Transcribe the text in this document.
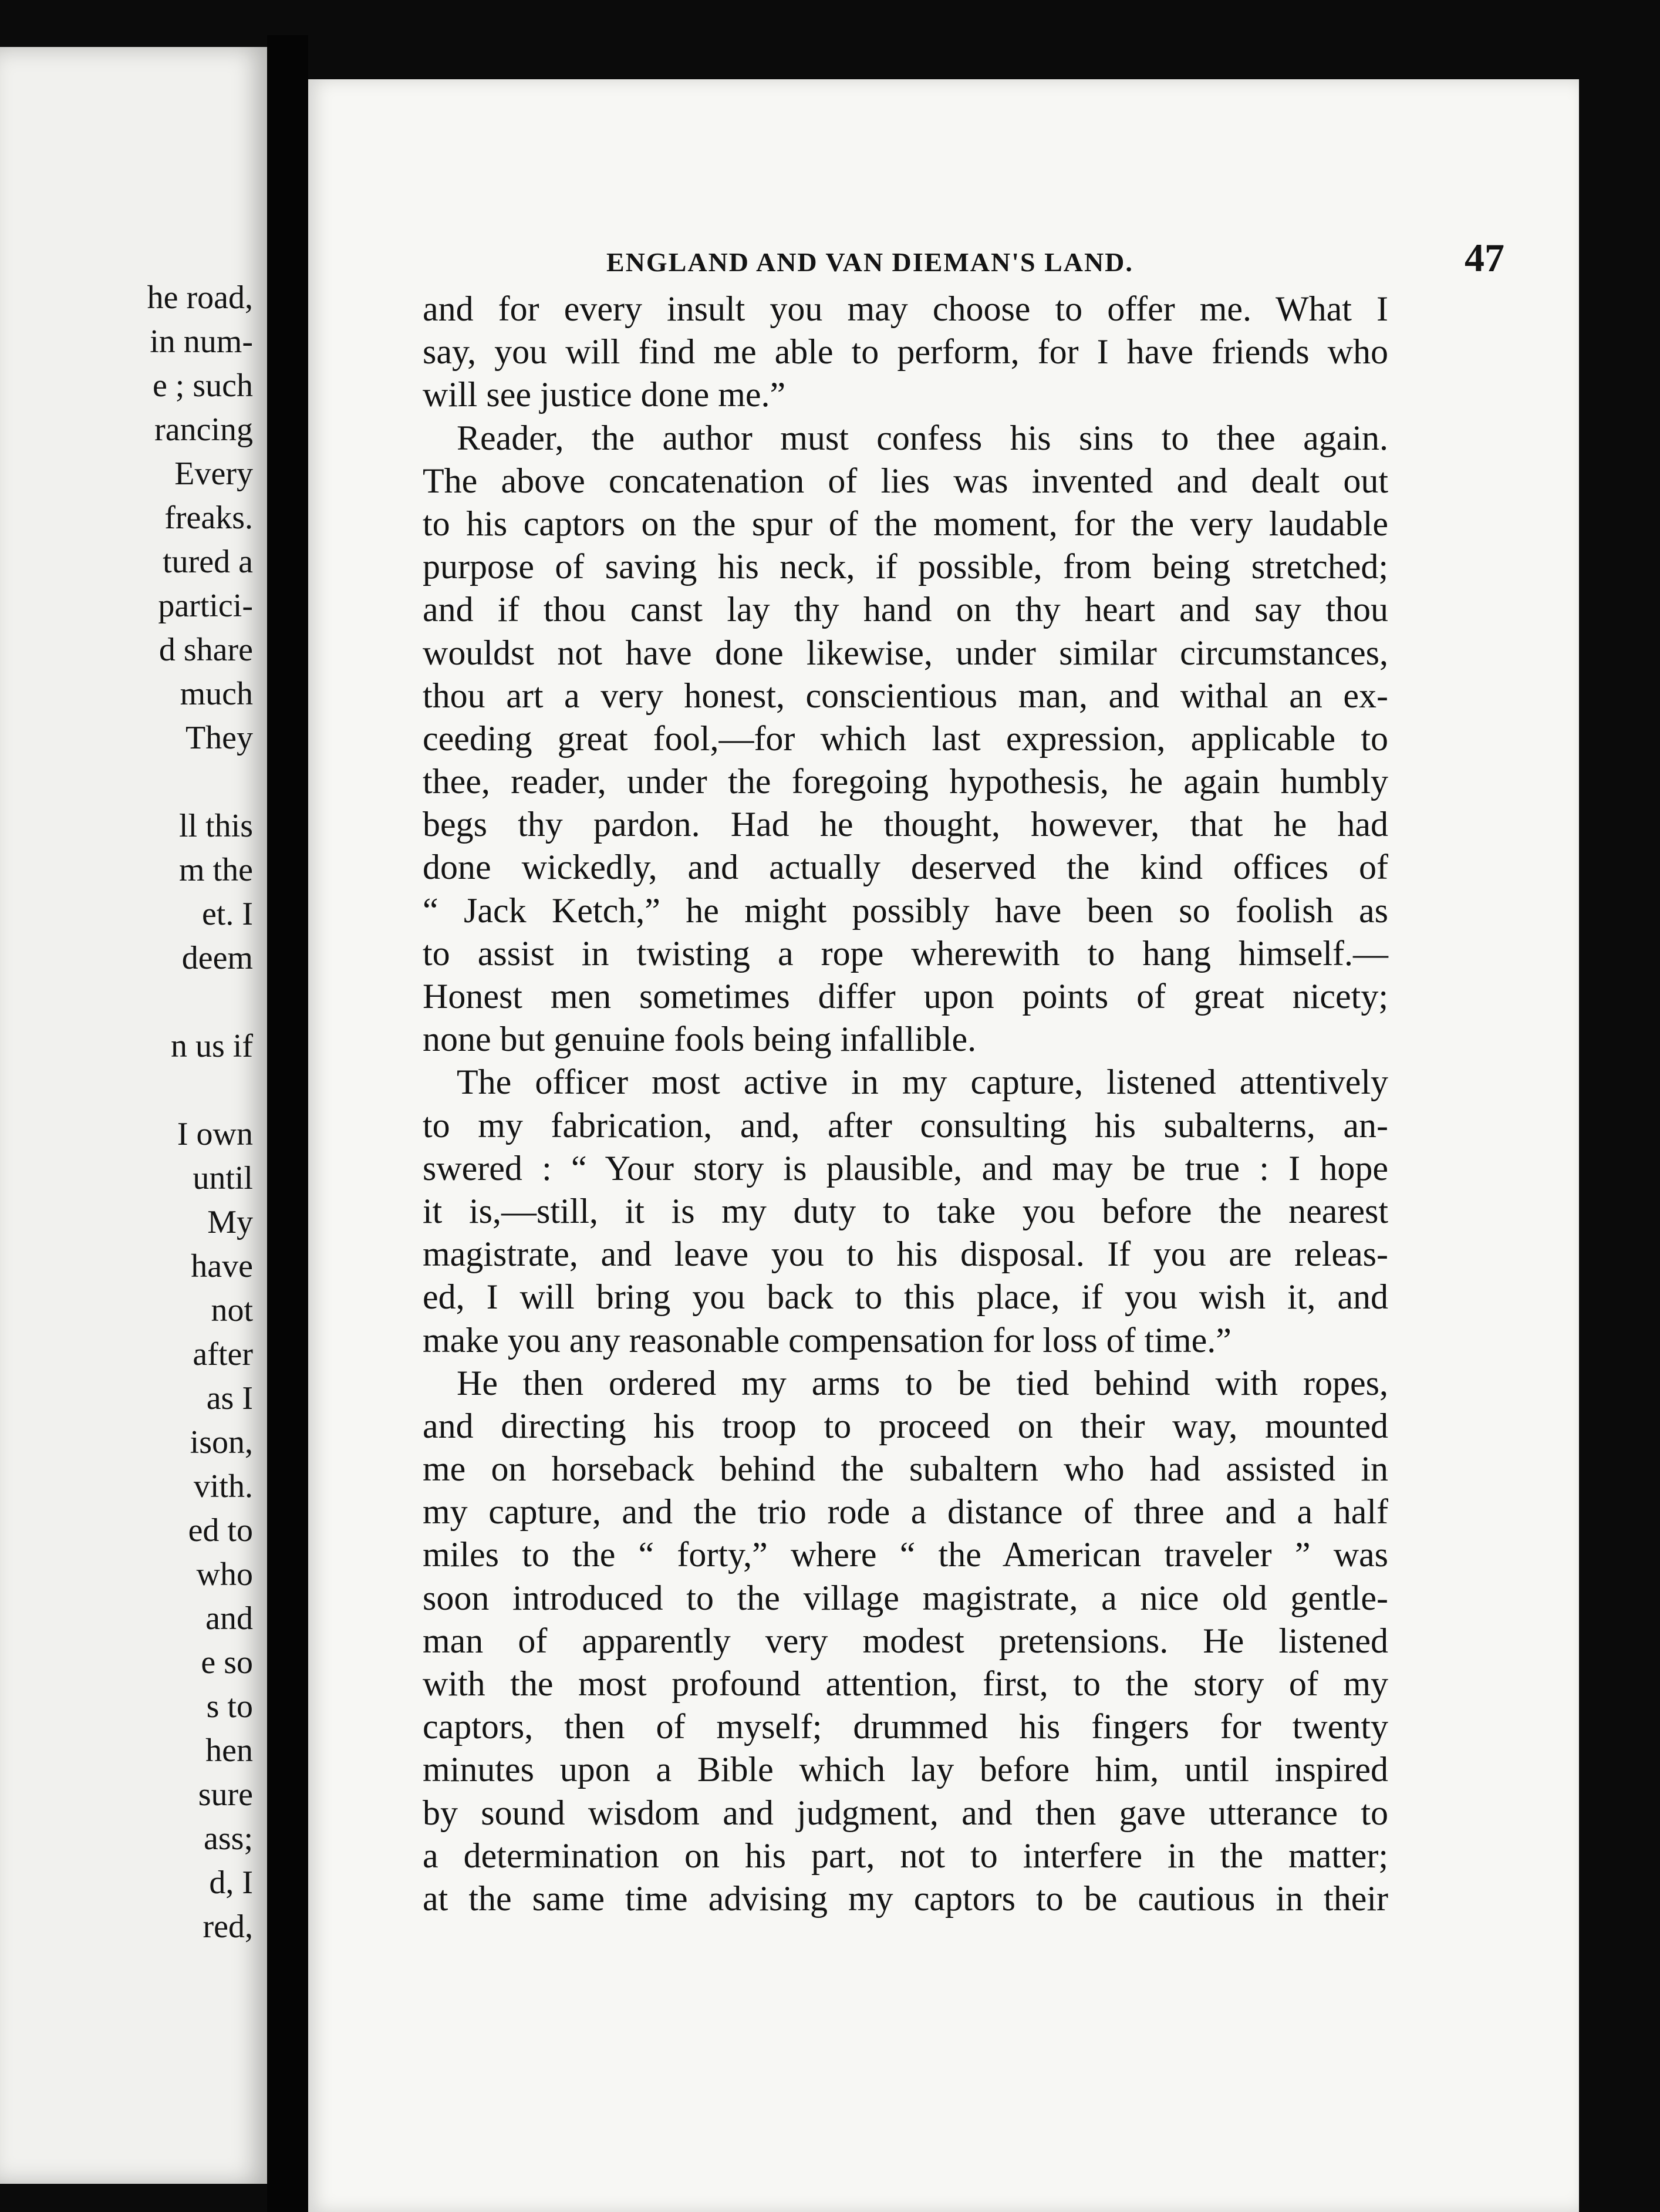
he road,
in num-
e ; such
rancing
Every
freaks.
tured a
partici-
d share
much
They
ll this
m the
et. I
deem
n us if
I own
until
My
have
not
after
as I
ison,
vith.
ed to
who
and
e so
s to
hen
sure
ass;
d, I
red,
ENGLAND AND VAN DIEMAN'S LAND.	47
and for every insult you may choose to offer me. What I
say, you will find me able to perform, for I have friends who
will see justice done me.”
Reader, the author must confess his sins to thee again.
The above concatenation of lies was invented and dealt out
to his captors on the spur of the moment, for the very laudable
purpose of saving his neck, if possible, from being stretched;
and if thou canst lay thy hand on thy heart and say thou
wouldst not have done likewise, under similar circumstances,
thou art a very honest, conscientious man, and withal an ex-
ceeding great fool,—for which last expression, applicable to
thee, reader, under the foregoing hypothesis, he again humbly
begs thy pardon. Had he thought, however, that he had
done wickedly, and actually deserved the kind offices of
“ Jack Ketch,” he might possibly have been so foolish as
to assist in twisting a rope wherewith to hang himself.—
Honest men sometimes differ upon points of great nicety;
none but genuine fools being infallible.
The officer most active in my capture, listened attentively
to my fabrication, and, after consulting his subalterns, an-
swered : “ Your story is plausible, and may be true : I hope
it is,—still, it is my duty to take you before the nearest
magistrate, and leave you to his disposal. If you are releas-
ed, I will bring you back to this place, if you wish it, and
make you any reasonable compensation for loss of time.”
He then ordered my arms to be tied behind with ropes,
and directing his troop to proceed on their way, mounted
me on horseback behind the subaltern who had assisted in
my capture, and the trio rode a distance of three and a half
miles to the “ forty,” where “ the American traveler ” was
soon introduced to the village magistrate, a nice old gentle-
man of apparently very modest pretensions. He listened
with the most profound attention, first, to the story of my
captors, then of myself; drummed his fingers for twenty
minutes upon a Bible which lay before him, until inspired
by sound wisdom and judgment, and then gave utterance to
a determination on his part, not to interfere in the matter;
at the same time advising my captors to be cautious in their
